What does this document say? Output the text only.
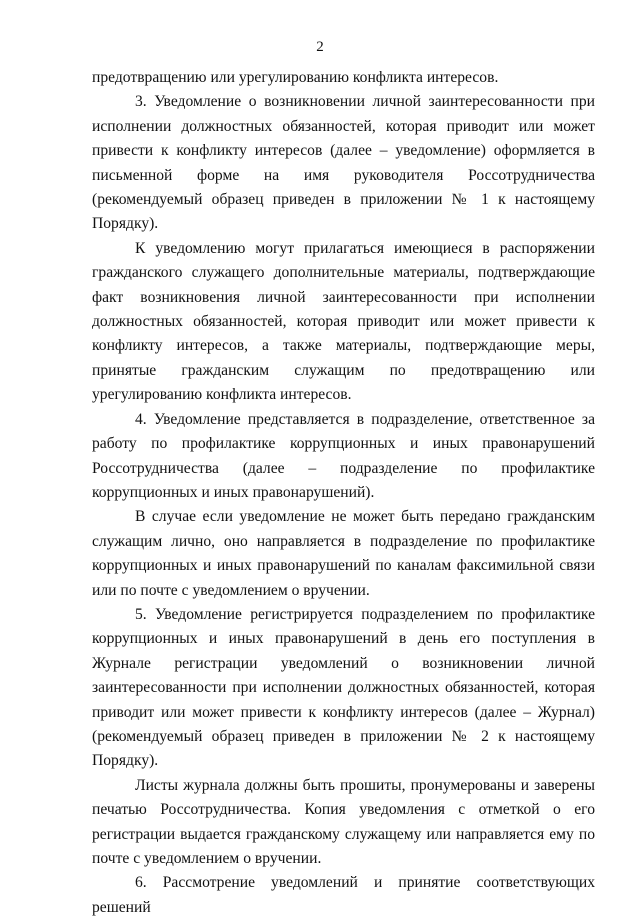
2

предотвращению или урегулированию конфликта интересов.

3. Уведомление о возникновении личной заинтересованности при исполнении должностных обязанностей, которая приводит или может привести к конфликту интересов (далее – уведомление) оформляется в письменной форме на имя руководителя Россотрудничества (рекомендуемый образец приведен в приложении № 1 к настоящему Порядку).

К уведомлению могут прилагаться имеющиеся в распоряжении гражданского служащего дополнительные материалы, подтверждающие факт возникновения личной заинтересованности при исполнении должностных обязанностей, которая приводит или может привести к конфликту интересов, а также материалы, подтверждающие меры, принятые гражданским служащим по предотвращению или урегулированию конфликта интересов.

4. Уведомление представляется в подразделение, ответственное за работу по профилактике коррупционных и иных правонарушений Россотрудничества (далее – подразделение по профилактике коррупционных и иных правонарушений).

В случае если уведомление не может быть передано гражданским служащим лично, оно направляется в подразделение по профилактике коррупционных и иных правонарушений по каналам факсимильной связи или по почте с уведомлением о вручении.

5. Уведомление регистрируется подразделением по профилактике коррупционных и иных правонарушений в день его поступления в Журнале регистрации уведомлений о возникновении личной заинтересованности при исполнении должностных обязанностей, которая приводит или может привести к конфликту интересов (далее – Журнал) (рекомендуемый образец приведен в приложении № 2 к настоящему Порядку).

Листы журнала должны быть прошиты, пронумерованы и заверены печатью Россотрудничества. Копия уведомления с отметкой о его регистрации выдается гражданскому служащему или направляется ему по почте с уведомлением о вручении.

6. Рассмотрение уведомлений и принятие соответствующих решений
